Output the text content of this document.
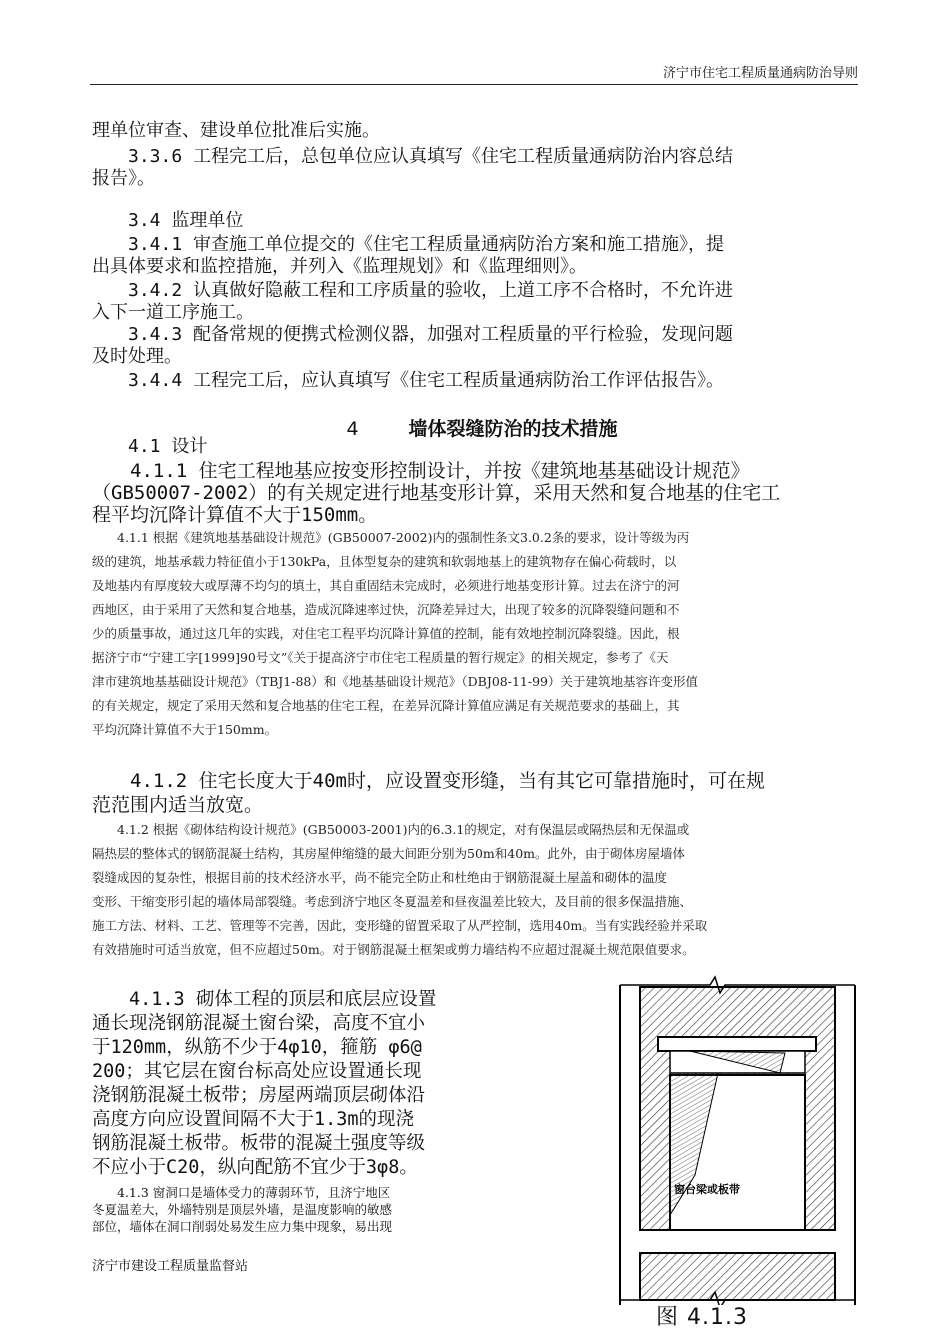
济宁市住宅工程质量通病防治导则
理单位审查、建设单位批准后实施。
　　3.3.6 工程完工后，总包单位应认真填写《住宅工程质量通病防治内容总结
报告》。
　　3.4 监理单位
　　3.4.1 审查施工单位提交的《住宅工程质量通病防治方案和施工措施》，提
出具体要求和监控措施，并列入《监理规划》和《监理细则》。
　　3.4.2 认真做好隐蔽工程和工序质量的验收，上道工序不合格时，不允许进
入下一道工序施工。
　　3.4.3 配备常规的便携式检测仪器，加强对工程质量的平行检验，发现问题
及时处理。
　　3.4.4 工程完工后，应认真填写《住宅工程质量通病防治工作评估报告》。
4	墙体裂缝防治的技术措施
　　4.1 设计
　　4.1.1 住宅工程地基应按变形控制设计，并按《建筑地基基础设计规范》
（GB50007-2002）的有关规定进行地基变形计算，采用天然和复合地基的住宅工
程平均沉降计算值不大于150mm。
　　4.1.1 根据《建筑地基基础设计规范》(GB50007-2002)内的强制性条文3.0.2条的要求，设计等级为丙
级的建筑，地基承载力特征值小于130kPa，且体型复杂的建筑和软弱地基上的建筑物存在偏心荷载时，以
及地基内有厚度较大或厚薄不均匀的填土，其自重固结未完成时，必须进行地基变形计算。过去在济宁的河
西地区，由于采用了天然和复合地基，造成沉降速率过快，沉降差异过大，出现了较多的沉降裂缝问题和不
少的质量事故，通过这几年的实践，对住宅工程平均沉降计算值的控制，能有效地控制沉降裂缝。因此，根
据济宁市“宁建工字[1999]90号文”《关于提高济宁市住宅工程质量的暂行规定》的相关规定，参考了《天
津市建筑地基基础设计规范》（TBJ1-88）和《地基基础设计规范》（DBJ08-11-99）关于建筑地基容许变形值
的有关规定，规定了采用天然和复合地基的住宅工程，在差异沉降计算值应满足有关规范要求的基础上，其
平均沉降计算值不大于150mm。
　　4.1.2 住宅长度大于40m时，应设置变形缝，当有其它可靠措施时，可在规
范范围内适当放宽。
　　4.1.2 根据《砌体结构设计规范》(GB50003-2001)内的6.3.1的规定，对有保温层或隔热层和无保温或
隔热层的整体式的钢筋混凝土结构，其房屋伸缩缝的最大间距分别为50m和40m。此外，由于砌体房屋墙体
裂缝成因的复杂性，根据目前的技术经济水平，尚不能完全防止和杜绝由于钢筋混凝土屋盖和砌体的温度
变形、干缩变形引起的墙体局部裂缝。考虑到济宁地区冬夏温差和昼夜温差比较大，及目前的很多保温措施、
施工方法、材料、工艺、管理等不完善，因此，变形缝的留置采取了从严控制，选用40m。当有实践经验并采取
有效措施时可适当放宽，但不应超过50m。对于钢筋混凝土框架或剪力墙结构不应超过混凝土规范限值要求。
　　4.1.3 砌体工程的顶层和底层应设置
通长现浇钢筋混凝土窗台梁，高度不宜小
于120mm，纵筋不少于4φ10，箍筋 φ6@
200；其它层在窗台标高处应设置通长现
浇钢筋混凝土板带；房屋两端顶层砌体沿
高度方向应设置间隔不大于1.3m的现浇
钢筋混凝土板带。板带的混凝土强度等级
不应小于C20，纵向配筋不宜少于3φ8。
　　4.1.3 窗洞口是墙体受力的薄弱环节，且济宁地区
冬夏温差大，外墙特别是顶层外墙，是温度影响的敏感
部位，墙体在洞口削弱处易发生应力集中现象，易出现
窗台梁或板带
图 4.1.3
济宁市建设工程质量监督站
